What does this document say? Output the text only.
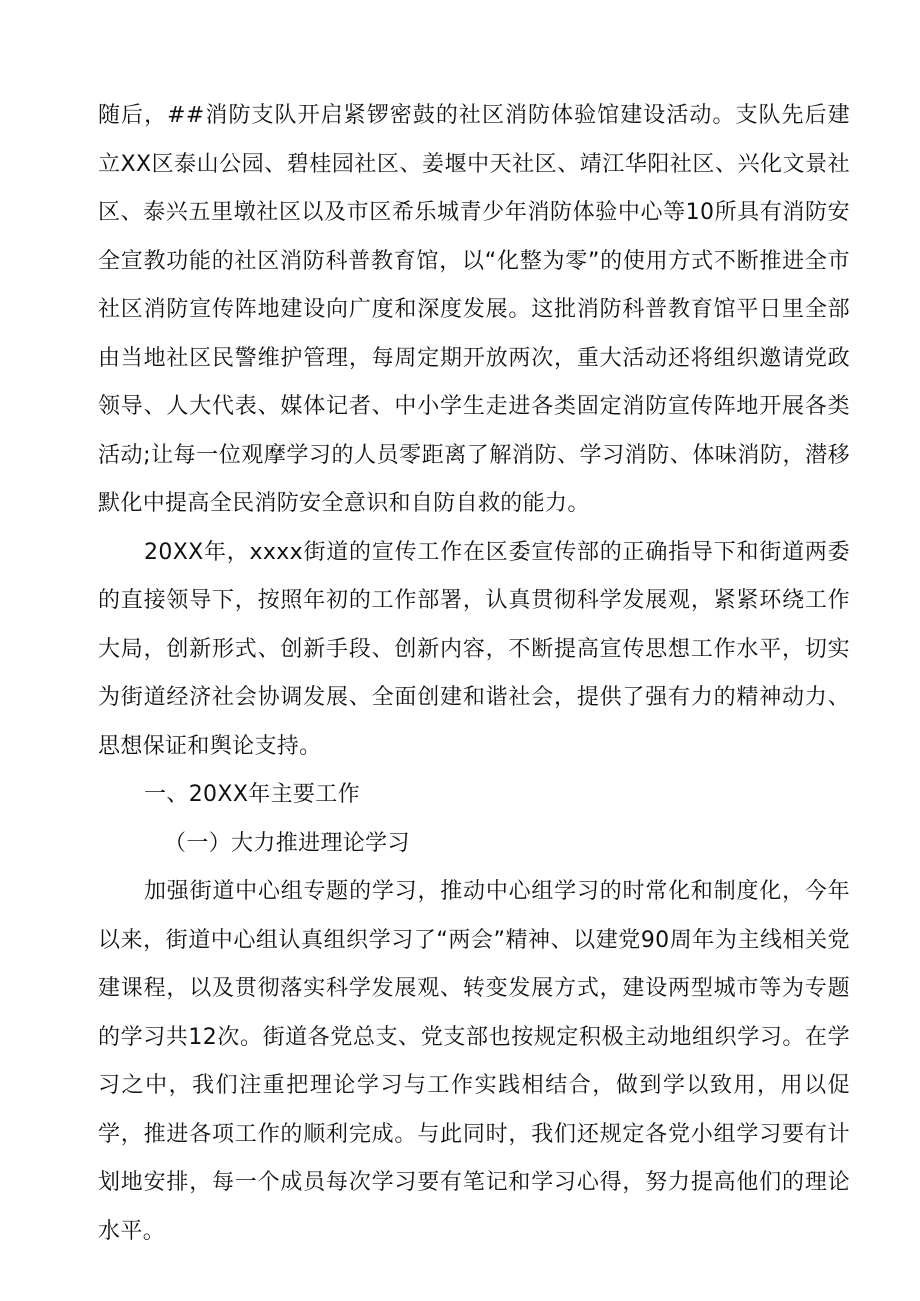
随后，##消防支队开启紧锣密鼓的社区消防体验馆建设活动。支队先后建立XX区泰山公园、碧桂园社区、姜堰中天社区、靖江华阳社区、兴化文景社区、泰兴五里墩社区以及市区希乐城青少年消防体验中心等10所具有消防安全宣教功能的社区消防科普教育馆，以“化整为零”的使用方式不断推进全市社区消防宣传阵地建设向广度和深度发展。这批消防科普教育馆平日里全部由当地社区民警维护管理，每周定期开放两次，重大活动还将组织邀请党政领导、人大代表、媒体记者、中小学生走进各类固定消防宣传阵地开展各类活动;让每一位观摩学习的人员零距离了解消防、学习消防、体味消防，潜移默化中提高全民消防安全意识和自防自救的能力。

20XX年，xxxx街道的宣传工作在区委宣传部的正确指导下和街道两委的直接领导下，按照年初的工作部署，认真贯彻科学发展观，紧紧环绕工作大局，创新形式、创新手段、创新内容，不断提高宣传思想工作水平，切实为街道经济社会协调发展、全面创建和谐社会，提供了强有力的精神动力、思想保证和舆论支持。

一、20XX年主要工作

（一）大力推进理论学习

加强街道中心组专题的学习，推动中心组学习的时常化和制度化，今年以来，街道中心组认真组织学习了“两会”精神、以建党90周年为主线相关党建课程，以及贯彻落实科学发展观、转变发展方式，建设两型城市等为专题的学习共12次。街道各党总支、党支部也按规定积极主动地组织学习。在学习之中，我们注重把理论学习与工作实践相结合，做到学以致用，用以促学，推进各项工作的顺利完成。与此同时，我们还规定各党小组学习要有计划地安排，每一个成员每次学习要有笔记和学习心得，努力提高他们的理论水平。
